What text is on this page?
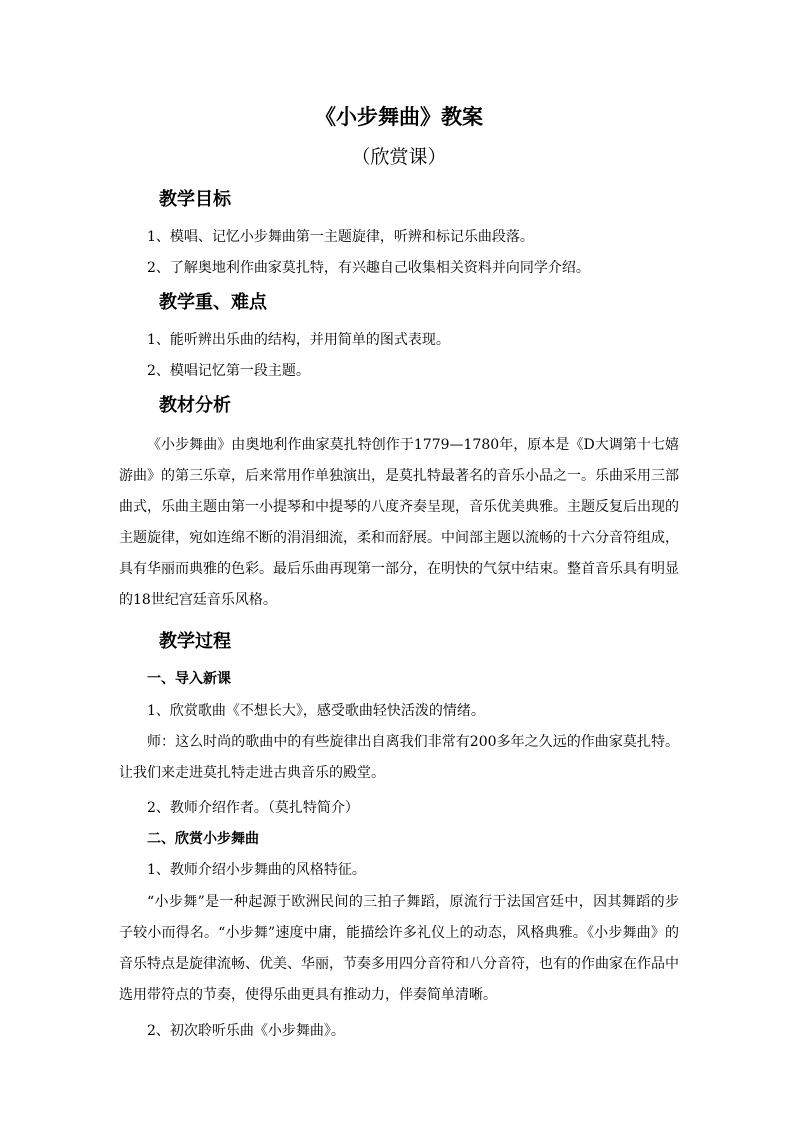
《小步舞曲》教案
（欣赏课）
教学目标
1、模唱、记忆小步舞曲第一主题旋律，听辨和标记乐曲段落。
2、了解奥地利作曲家莫扎特，有兴趣自己收集相关资料并向同学介绍。
教学重、难点
1、能听辨出乐曲的结构，并用简单的图式表现。
2、模唱记忆第一段主题。
教材分析

《小步舞曲》由奥地利作曲家莫扎特创作于1779—1780年，原本是《D大调第十七嬉游曲》的第三乐章，后来常用作单独演出，是莫扎特最著名的音乐小品之一。乐曲采用三部曲式，乐曲主题由第一小提琴和中提琴的八度齐奏呈现，音乐优美典雅。主题反复后出现的主题旋律，宛如连绵不断的涓涓细流，柔和而舒展。中间部主题以流畅的十六分音符组成，具有华丽而典雅的色彩。最后乐曲再现第一部分，在明快的气氛中结束。整首音乐具有明显的18世纪宫廷音乐风格。

教学过程
一、导入新课
1、欣赏歌曲《不想长大》，感受歌曲轻快活泼的情绪。

师：这么时尚的歌曲中的有些旋律出自离我们非常有200多年之久远的作曲家莫扎特。让我们来走进莫扎特走进古典音乐的殿堂。

2、教师介绍作者。（莫扎特简介）
二、欣赏小步舞曲
1、教师介绍小步舞曲的风格特征。

“小步舞”是一种起源于欧洲民间的三拍子舞蹈，原流行于法国宫廷中，因其舞蹈的步子较小而得名。“小步舞”速度中庸，能描绘许多礼仪上的动态，风格典雅。《小步舞曲》的音乐特点是旋律流畅、优美、华丽，节奏多用四分音符和八分音符，也有的作曲家在作品中选用带符点的节奏，使得乐曲更具有推动力，伴奏简单清晰。

2、初次聆听乐曲《小步舞曲》。
